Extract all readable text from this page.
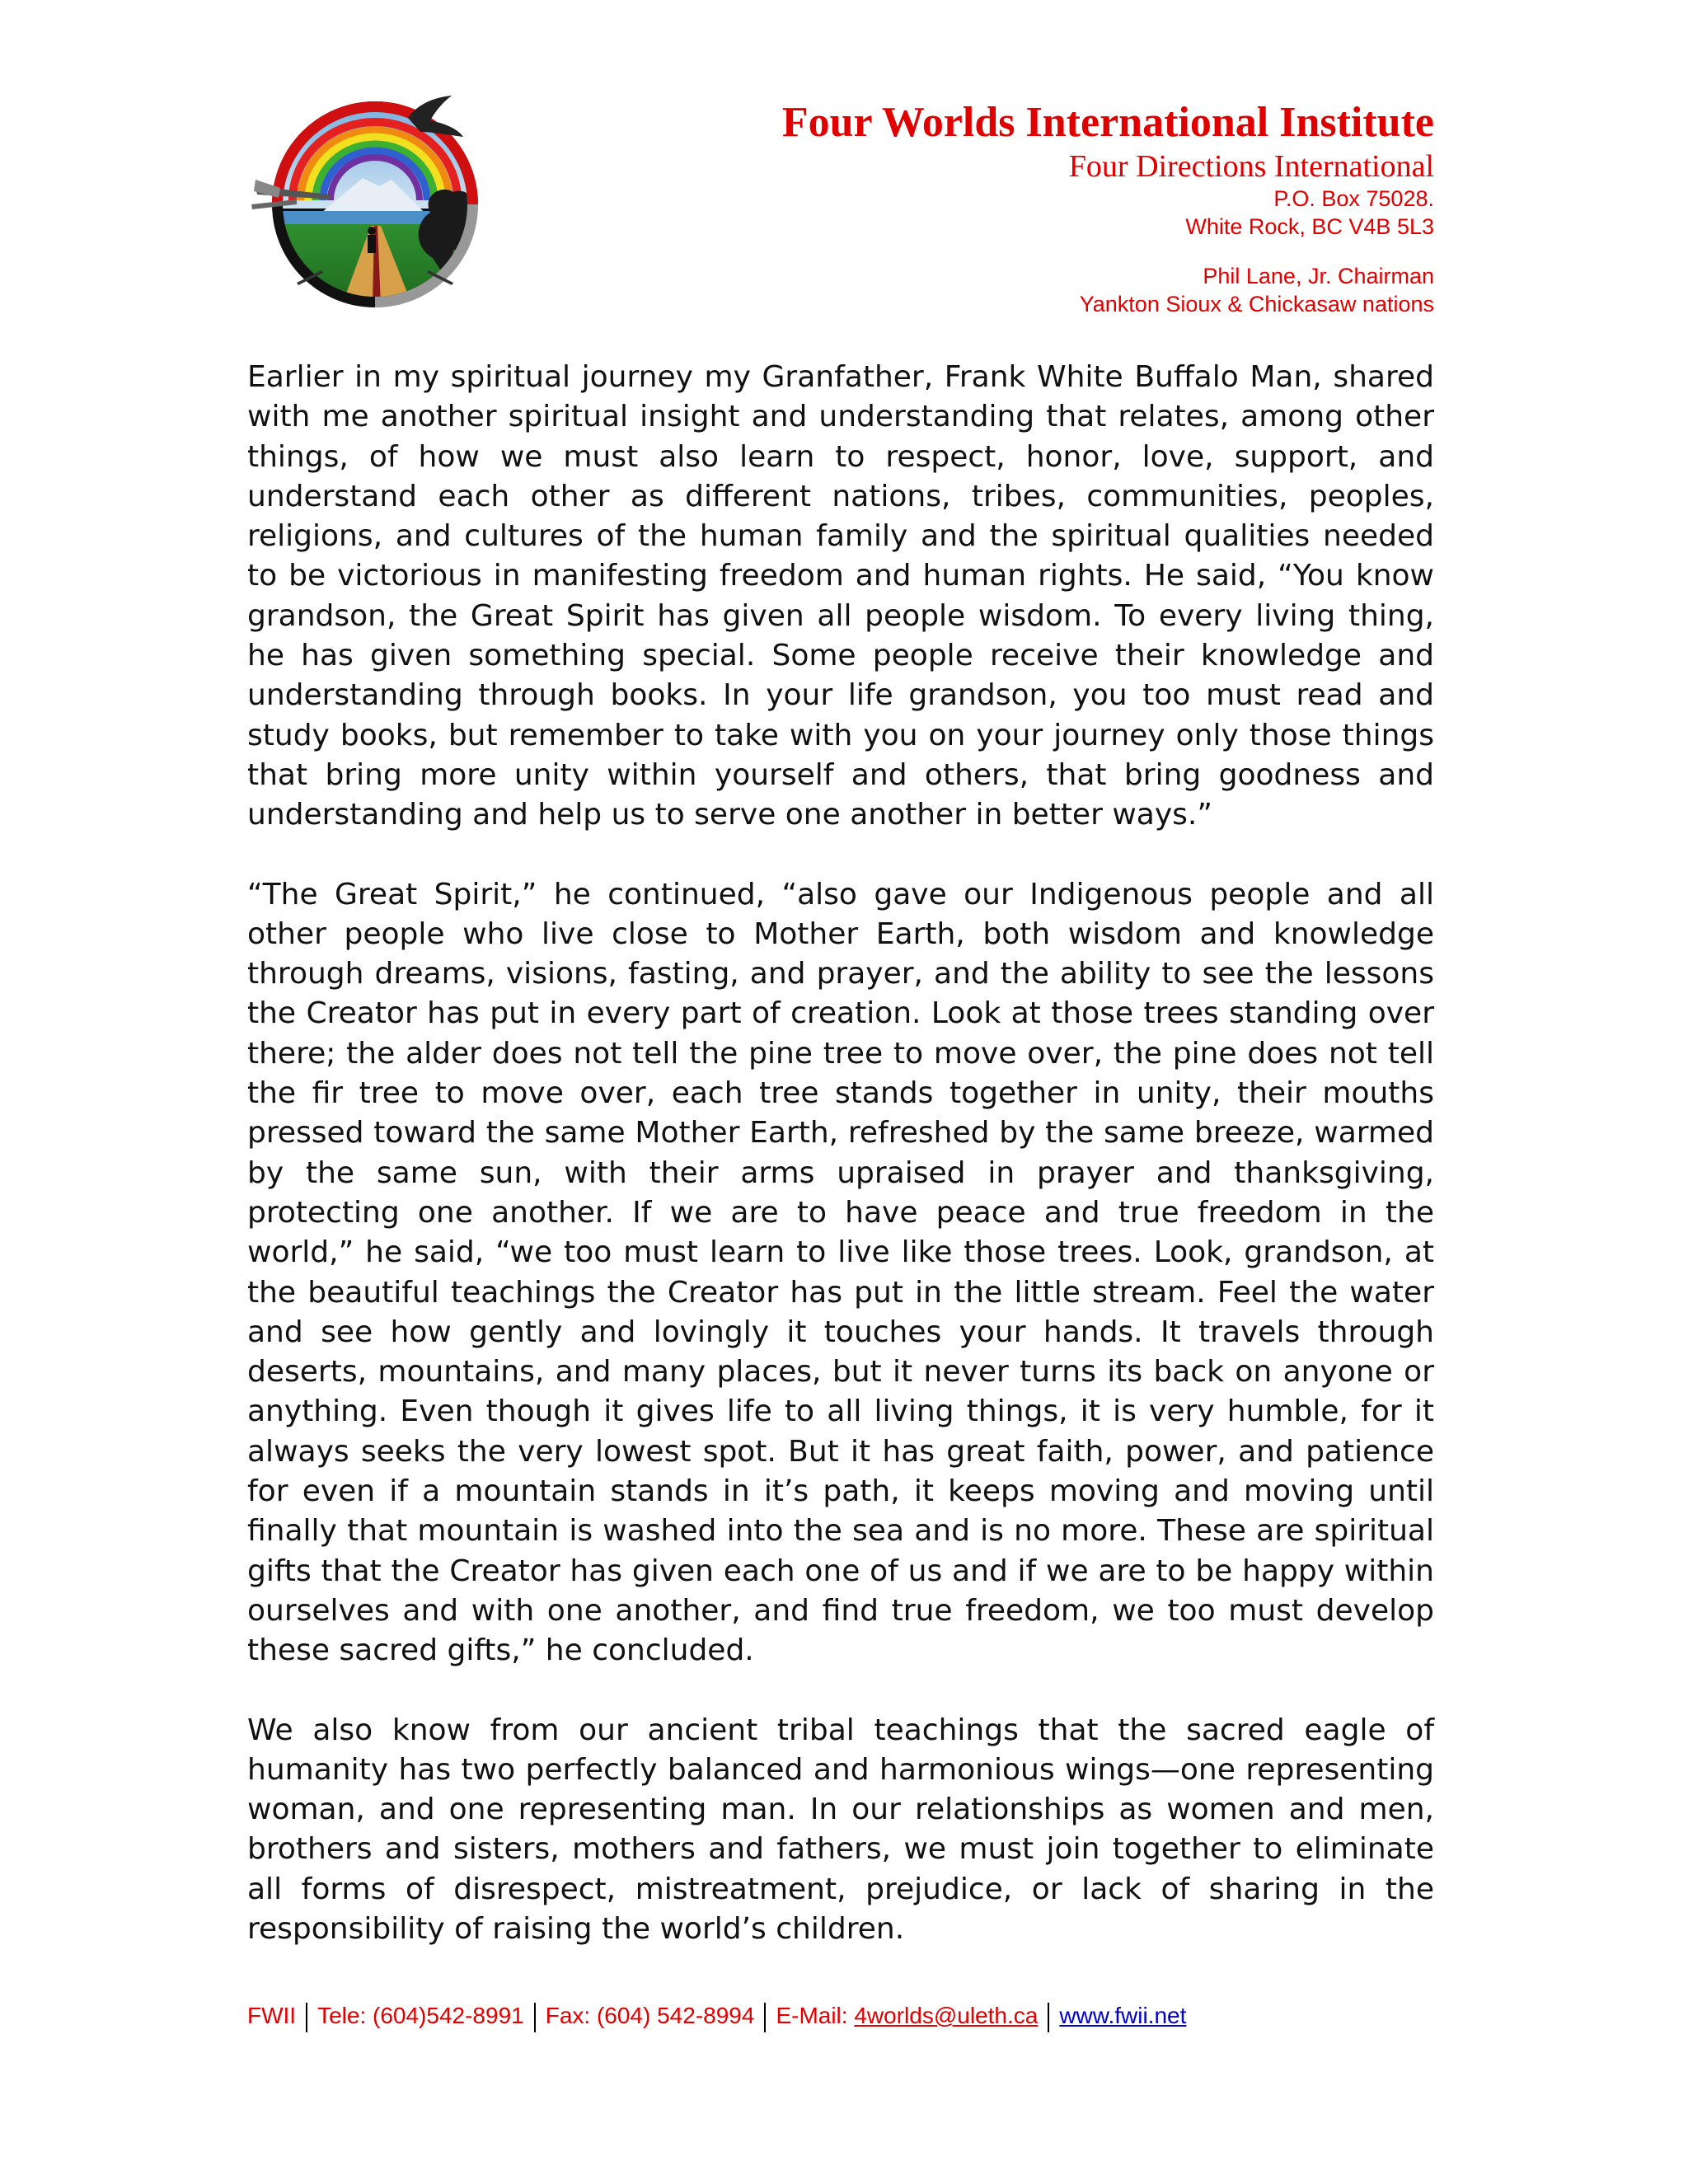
Four Worlds International Institute

Four Directions International

P.O. Box 75028.

White Rock, BC V4B 5L3

Phil Lane, Jr. Chairman

Yankton Sioux & Chickasaw nations

Earlier in my spiritual journey my Granfather, Frank White Buffalo Man, shared with me another spiritual insight and understanding that relates, among other things, of how we must also learn to respect, honor, love, support, and understand each other as different nations, tribes, communities, peoples, religions, and cultures of the human family and the spiritual qualities needed to be victorious in manifesting freedom and human rights. He said, “You know grandson, the Great Spirit has given all people wisdom. To every living thing, he has given something special. Some people receive their knowledge and understanding through books. In your life grandson, you too must read and study books, but remember to take with you on your journey only those things that bring more unity within yourself and others, that bring goodness and understanding and help us to serve one another in better ways.”

“The Great Spirit,” he continued, “also gave our Indigenous people and all other people who live close to Mother Earth, both wisdom and knowledge through dreams, visions, fasting, and prayer, and the ability to see the lessons the Creator has put in every part of creation. Look at those trees standing over there; the alder does not tell the pine tree to move over, the pine does not tell the fir tree to move over, each tree stands together in unity, their mouths pressed toward the same Mother Earth, refreshed by the same breeze, warmed by the same sun, with their arms upraised in prayer and thanksgiving, protecting one another. If we are to have peace and true freedom in the world,” he said, “we too must learn to live like those trees. Look, grandson, at the beautiful teachings the Creator has put in the little stream. Feel the water and see how gently and lovingly it touches your hands. It travels through deserts, mountains, and many places, but it never turns its back on anyone or anything. Even though it gives life to all living things, it is very humble, for it always seeks the very lowest spot. But it has great faith, power, and patience for even if a mountain stands in it’s path, it keeps moving and moving until finally that mountain is washed into the sea and is no more. These are spiritual gifts that the Creator has given each one of us and if we are to be happy within ourselves and with one another, and find true freedom, we too must develop these sacred gifts,” he concluded.

We also know from our ancient tribal teachings that the sacred eagle of humanity has two perfectly balanced and harmonious wings—one representing woman, and one representing man. In our relationships as women and men, brothers and sisters, mothers and fathers, we must join together to eliminate all forms of disrespect, mistreatment, prejudice, or lack of sharing in the responsibility of raising the world’s children.

FWII Tele: (604)542-8991 Fax: (604) 542-8994 E-Mail: 4worlds@uleth.ca www.fwii.net
